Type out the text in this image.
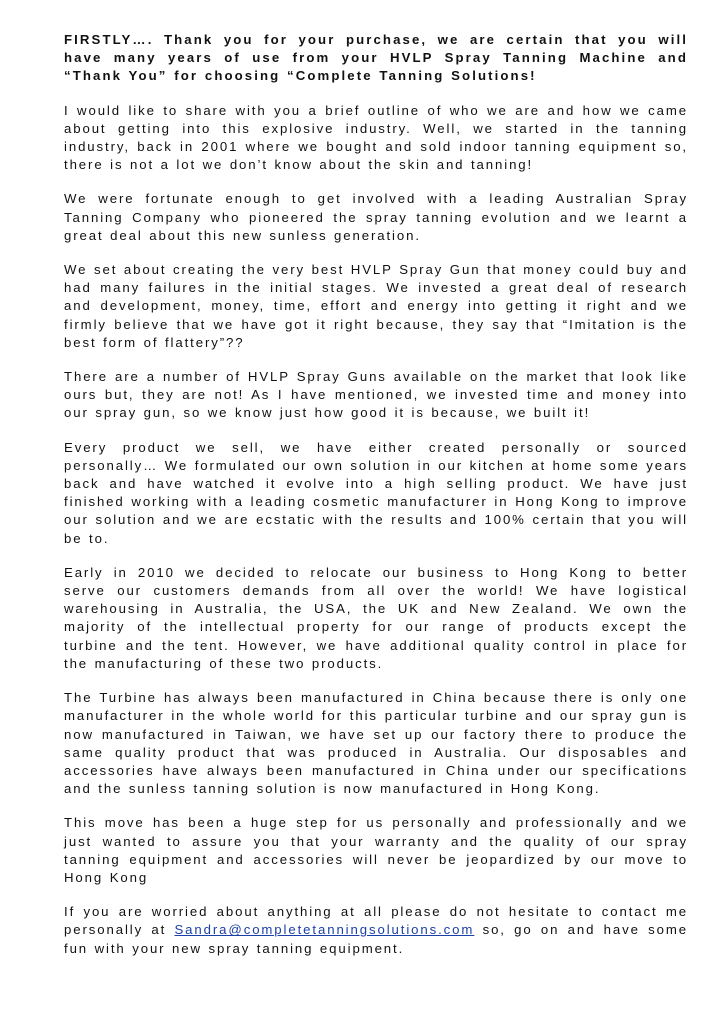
FIRSTLY…. Thank you for your purchase, we are certain that you will have many years of use from your HVLP Spray Tanning Machine and “Thank You” for choosing “Complete Tanning Solutions!

I would like to share with you a brief outline of who we are and how we came about getting into this explosive industry. Well, we started in the tanning industry, back in 2001 where we bought and sold indoor tanning equipment so, there is not a lot we don’t know about the skin and tanning!

We were fortunate enough to get involved with a leading Australian Spray Tanning Company who pioneered the spray tanning evolution and we learnt a great deal about this new sunless generation.

We set about creating the very best HVLP Spray Gun that money could buy and had many failures in the initial stages. We invested a great deal of research and development, money, time, effort and energy into getting it right and we firmly believe that we have got it right because, they say that “Imitation is the best form of flattery”??

There are a number of HVLP Spray Guns available on the market that look like ours but, they are not! As I have mentioned, we invested time and money into our spray gun, so we know just how good it is because, we built it!

Every product we sell, we have either created personally or sourced personally… We formulated our own solution in our kitchen at home some years back and have watched it evolve into a high selling product. We have just finished working with a leading cosmetic manufacturer in Hong Kong to improve our solution and we are ecstatic with the results and 100% certain that you will be to.

Early in 2010 we decided to relocate our business to Hong Kong to better serve our customers demands from all over the world! We have logistical warehousing in Australia, the USA, the UK and New Zealand. We own the majority of the intellectual property for our range of products except the turbine and the tent. However, we have additional quality control in place for the manufacturing of these two products.

The Turbine has always been manufactured in China because there is only one manufacturer in the whole world for this particular turbine and our spray gun is now manufactured in Taiwan, we have set up our factory there to produce the same quality product that was produced in Australia. Our disposables and accessories have always been manufactured in China under our specifications and the sunless tanning solution is now manufactured in Hong Kong.

This move has been a huge step for us personally and professionally and we just wanted to assure you that your warranty and the quality of our spray tanning equipment and accessories will never be jeopardized by our move to Hong Kong

If you are worried about anything at all please do not hesitate to contact me personally at Sandra@completetanningsolutions.com so, go on and have some fun with your new spray tanning equipment.
